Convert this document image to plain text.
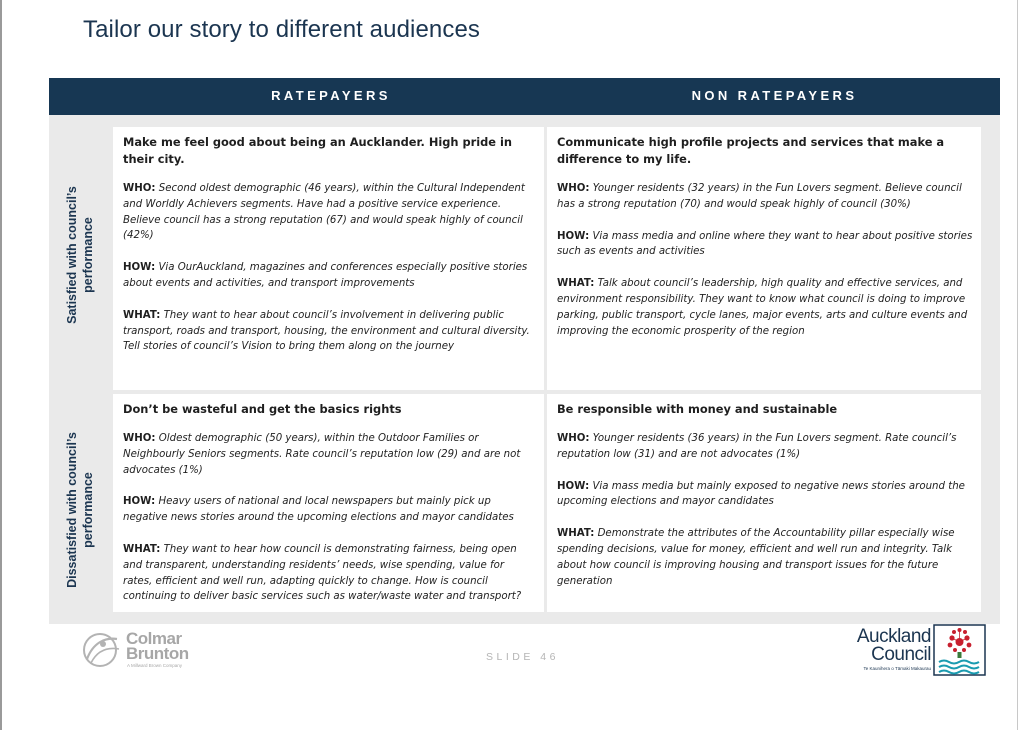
Tailor our story to different audiences
RATEPAYERS	NON RATEPAYERS
Satisfied with council’s performance
Dissatisfied with council’s performance
Make me feel good about being an Aucklander. High pride in their city.

WHO: Second oldest demographic (46 years), within the Cultural Independent and Worldly Achievers segments. Have had a positive service experience. Believe council has a strong reputation (67) and would speak highly of council (42%)

HOW: Via OurAuckland, magazines and conferences especially positive stories about events and activities, and transport improvements

WHAT: They want to hear about council’s involvement in delivering public transport, roads and transport, housing, the environment and cultural diversity. Tell stories of council’s Vision to bring them along on the journey

Communicate high profile projects and services that make a difference to my life.

WHO: Younger residents (32 years) in the Fun Lovers segment. Believe council has a strong reputation (70) and would speak highly of council (30%)

HOW: Via mass media and online where they want to hear about positive stories such as events and activities

WHAT: Talk about council’s leadership, high quality and effective services, and environment responsibility. They want to know what council is doing to improve parking, public transport, cycle lanes, major events, arts and culture events and improving the economic prosperity of the region

Don’t be wasteful and get the basics rights

WHO: Oldest demographic (50 years), within the Outdoor Families or Neighbourly Seniors segments. Rate council’s reputation low (29) and are not advocates (1%)

HOW: Heavy users of national and local newspapers but mainly pick up negative news stories around the upcoming elections and mayor candidates

WHAT: They want to hear how council is demonstrating fairness, being open and transparent, understanding residents’ needs, wise spending, value for rates, efficient and well run, adapting quickly to change. How is council continuing to deliver basic services such as water/waste water and transport?

Be responsible with money and sustainable

WHO: Younger residents (36 years) in the Fun Lovers segment. Rate council’s reputation low (31) and are not advocates (1%)

HOW: Via mass media but mainly exposed to negative news stories around the upcoming elections and mayor candidates

WHAT: Demonstrate the attributes of the Accountability pillar especially wise spending decisions, value for money, efficient and well run and integrity. Talk about how council is improving housing and transport issues for the future generation

Colmar
Brunton
A Millward Brown Company
SLIDE 46
Auckland
Council
Te Kaunihera o Tāmaki Makaurau
